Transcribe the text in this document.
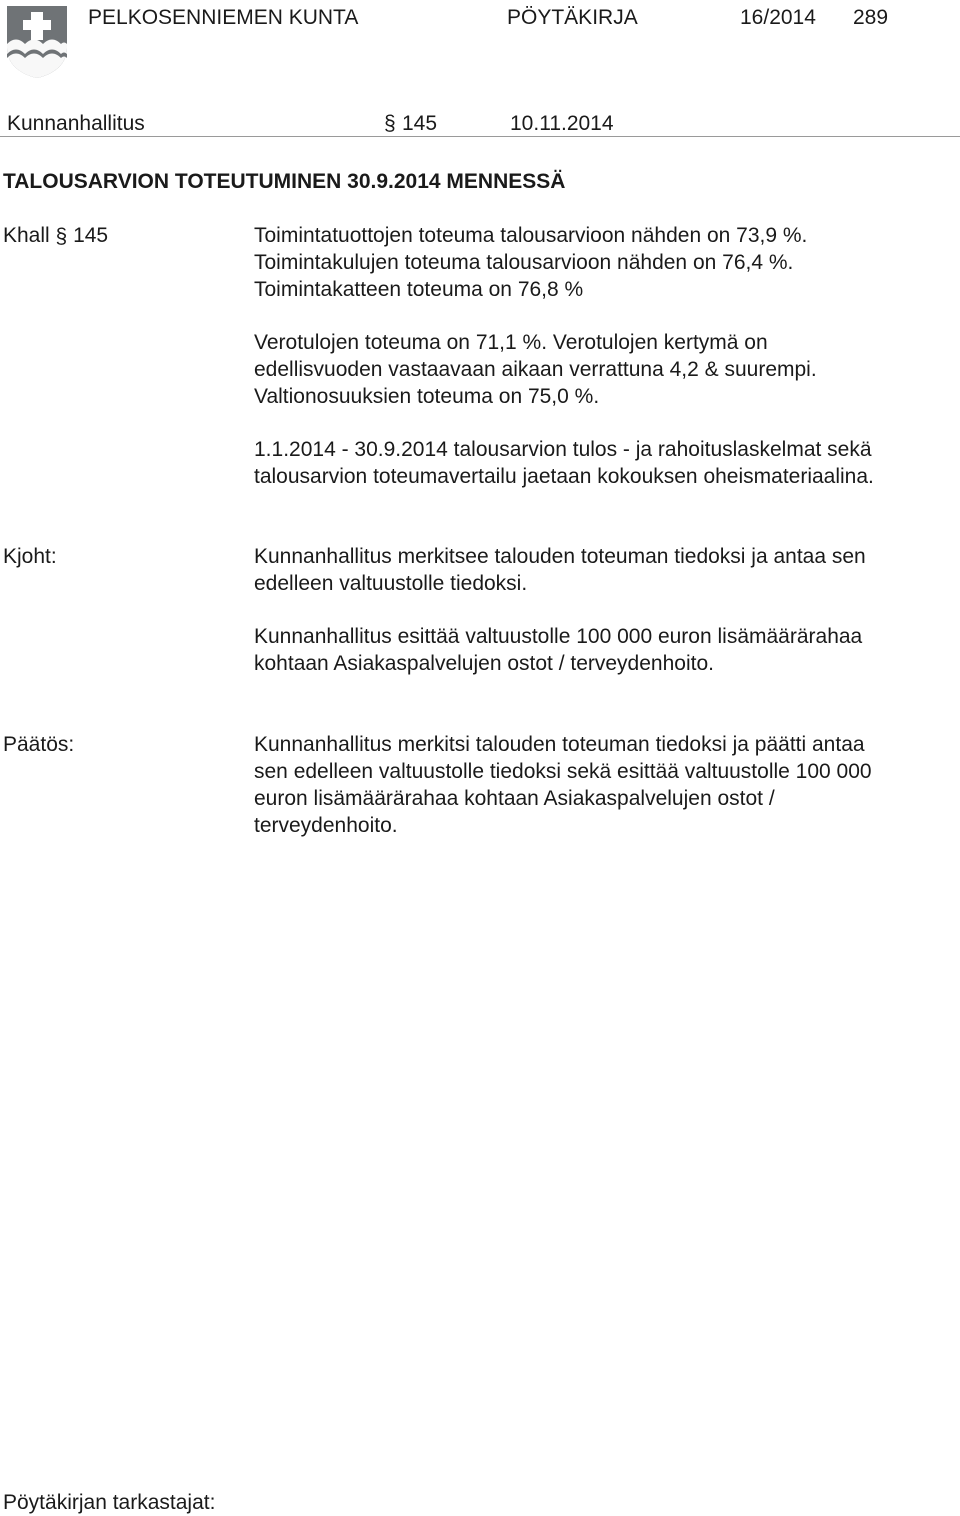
PELKOSENNIEMEN KUNTA	PÖYTÄKIRJA	16/2014 289
Kunnanhallitus	§ 145	10.11.2014
TALOUSARVION TOTEUTUMINEN 30.9.2014 MENNESSÄ
Khall § 145	Toimintatuottojen toteuma talousarvioon nähden on 73,9 %.
Toimintakulujen toteuma talousarvioon nähden on 76,4 %.
Toimintakatteen toteuma on 76,8 %
Verotulojen toteuma on 71,1 %. Verotulojen kertymä on
edellisvuoden vastaavaan aikaan verrattuna 4,2 & suurempi.
Valtionosuuksien toteuma on 75,0 %.
1.1.2014 - 30.9.2014 talousarvion tulos - ja rahoituslaskelmat sekä
talousarvion toteumavertailu jaetaan kokouksen oheismateriaalina.
Kjoht:	Kunnanhallitus merkitsee talouden toteuman tiedoksi ja antaa sen
edelleen valtuustolle tiedoksi.
Kunnanhallitus esittää valtuustolle 100 000 euron lisämäärärahaa
kohtaan Asiakaspalvelujen ostot / terveydenhoito.
Päätös:	Kunnanhallitus merkitsi talouden toteuman tiedoksi ja päätti antaa
sen edelleen valtuustolle tiedoksi sekä esittää valtuustolle 100 000
euron lisämäärärahaa kohtaan Asiakaspalvelujen ostot /
terveydenhoito.
Pöytäkirjan tarkastajat:
